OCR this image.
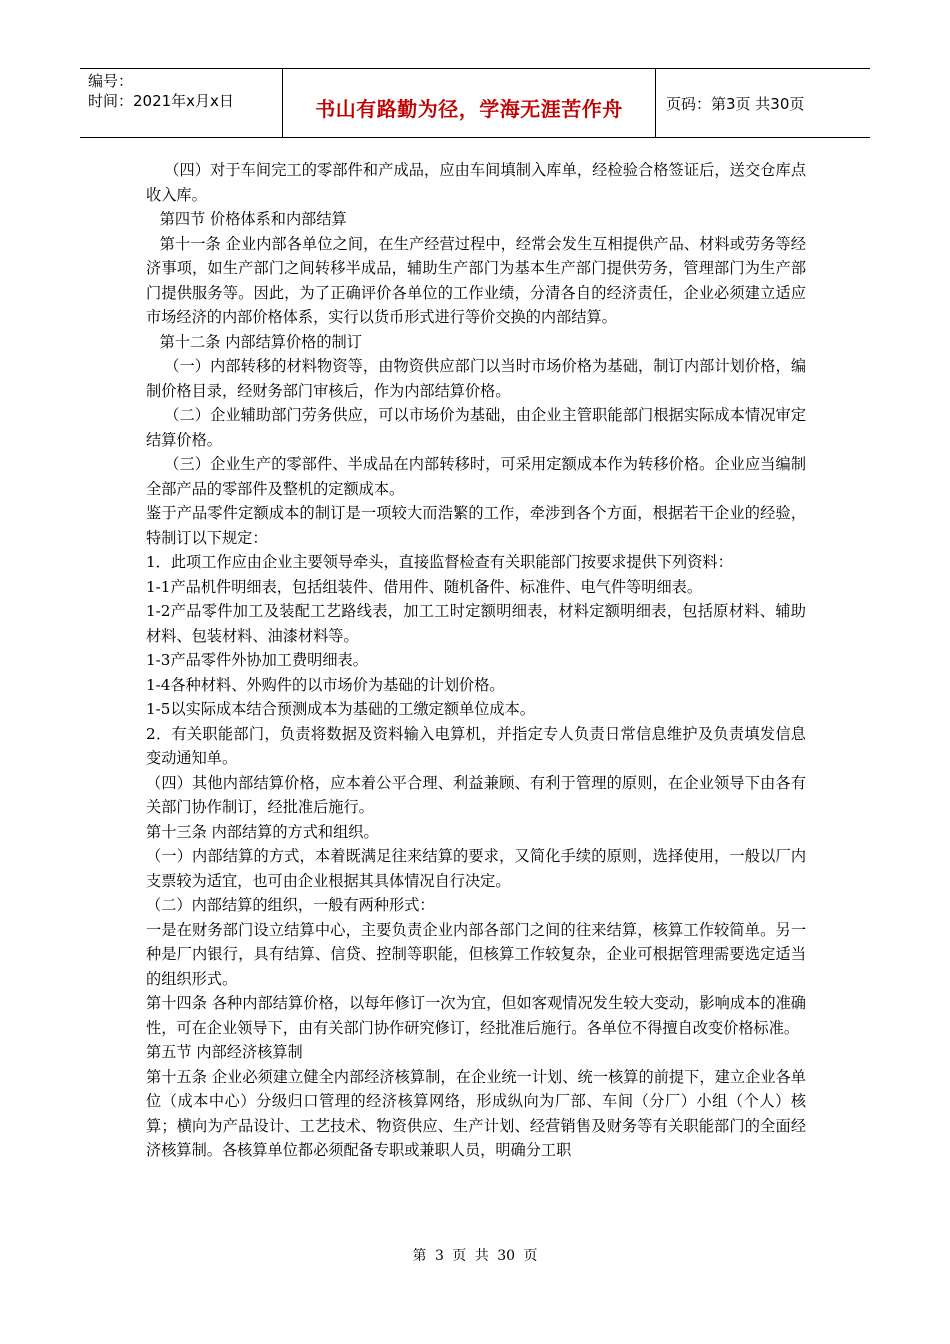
编号：
时间：2021年x月x日	书山有路勤为径，学海无涯苦作舟	页码：第3页 共30页

（四）对于车间完工的零部件和产成品，应由车间填制入库单，经检验合格签证后，送交仓库点收入库。

第四节 价格体系和内部结算

第十一条 企业内部各单位之间，在生产经营过程中，经常会发生互相提供产品、材料或劳务等经济事项，如生产部门之间转移半成品，辅助生产部门为基本生产部门提供劳务，管理部门为生产部门提供服务等。因此，为了正确评价各单位的工作业绩，分清各自的经济责任，企业必须建立适应市场经济的内部价格体系，实行以货币形式进行等价交换的内部结算。

第十二条 内部结算价格的制订

（一）内部转移的材料物资等，由物资供应部门以当时市场价格为基础，制订内部计划价格，编制价格目录，经财务部门审核后，作为内部结算价格。

（二）企业辅助部门劳务供应，可以市场价为基础，由企业主管职能部门根据实际成本情况审定结算价格。

（三）企业生产的零部件、半成品在内部转移时，可采用定额成本作为转移价格。企业应当编制全部产品的零部件及整机的定额成本。

鉴于产品零件定额成本的制订是一项较大而浩繁的工作，牵涉到各个方面，根据若干企业的经验，特制订以下规定：

1．此项工作应由企业主要领导牵头，直接监督检查有关职能部门按要求提供下列资料：

1-1产品机件明细表，包括组装件、借用件、随机备件、标准件、电气件等明细表。

1-2产品零件加工及装配工艺路线表，加工工时定额明细表，材料定额明细表，包括原材料、辅助材料、包装材料、油漆材料等。

1-3产品零件外协加工费明细表。

1-4各种材料、外购件的以市场价为基础的计划价格。

1-5以实际成本结合预测成本为基础的工缴定额单位成本。

2．有关职能部门，负责将数据及资料输入电算机，并指定专人负责日常信息维护及负责填发信息变动通知单。

（四）其他内部结算价格，应本着公平合理、利益兼顾、有利于管理的原则，在企业领导下由各有关部门协作制订，经批准后施行。

第十三条 内部结算的方式和组织。

（一）内部结算的方式，本着既满足往来结算的要求，又简化手续的原则，选择使用，一般以厂内支票较为适宜，也可由企业根据其具体情况自行决定。

（二）内部结算的组织，一般有两种形式：

一是在财务部门设立结算中心，主要负责企业内部各部门之间的往来结算，核算工作较简单。另一种是厂内银行，具有结算、信贷、控制等职能，但核算工作较复杂，企业可根据管理需要选定适当的组织形式。

第十四条 各种内部结算价格，以每年修订一次为宜，但如客观情况发生较大变动，影响成本的准确性，可在企业领导下，由有关部门协作研究修订，经批准后施行。各单位不得擅自改变价格标准。

第五节 内部经济核算制

第十五条 企业必须建立健全内部经济核算制，在企业统一计划、统一核算的前提下，建立企业各单位（成本中心）分级归口管理的经济核算网络，形成纵向为厂部、车间（分厂）小组（个人）核算；横向为产品设计、工艺技术、物资供应、生产计划、经营销售及财务等有关职能部门的全面经济核算制。各核算单位都必须配备专职或兼职人员，明确分工职

第 3 页 共 30 页
